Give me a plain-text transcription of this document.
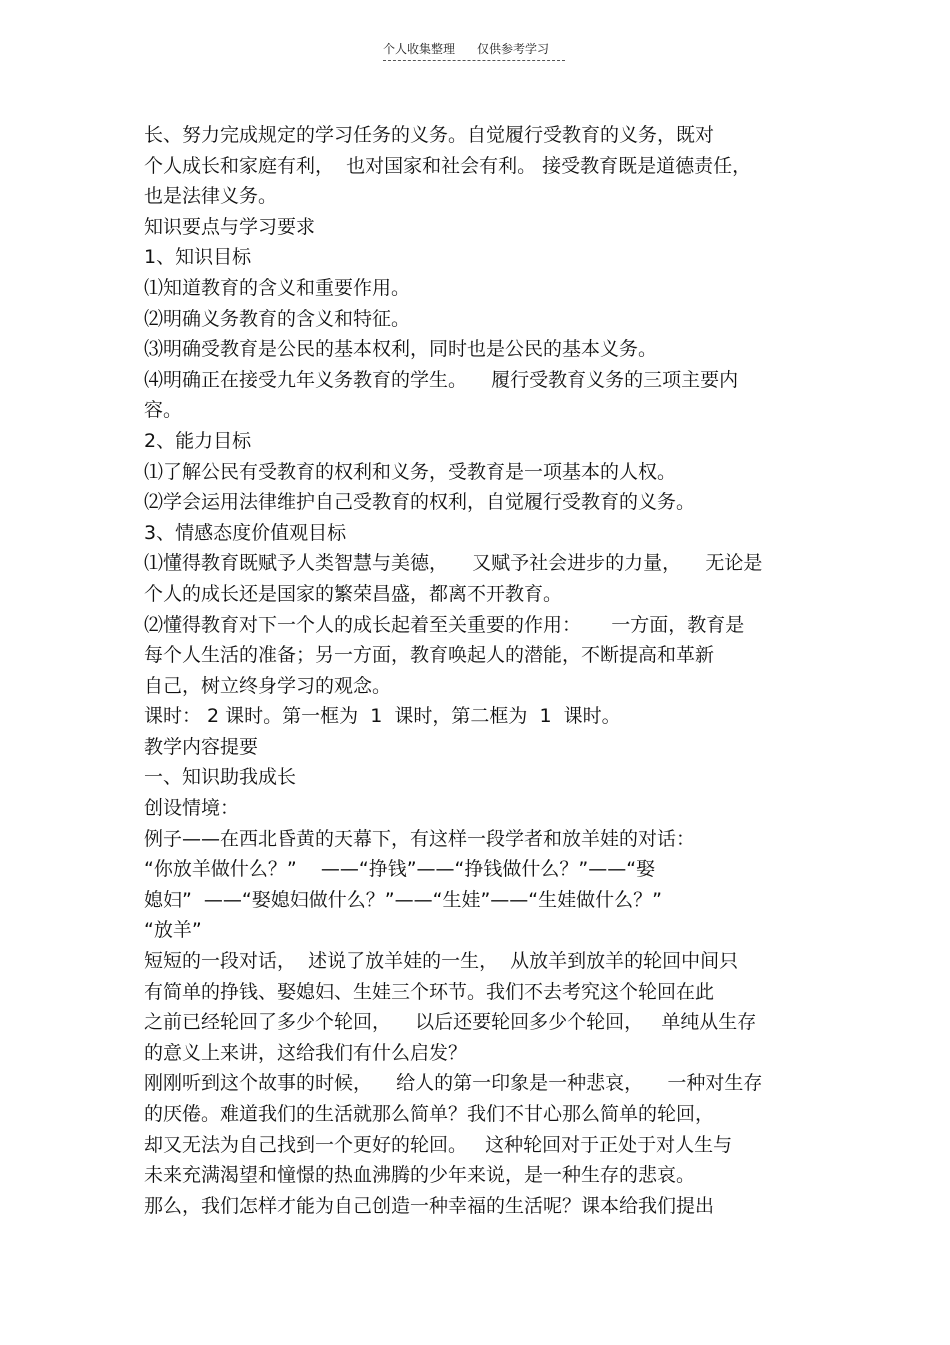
个人收集整理 仅供参考学习
长、努力完成规定的学习任务的义务。自觉履行受教育的义务，既对
个人成长和家庭有利，  也对国家和社会有利。 接受教育既是道德责任，
也是法律义务。
知识要点与学习要求
1、知识目标
⑴知道教育的含义和重要作用。
⑵明确义务教育的含义和特征。
⑶明确受教育是公民的基本权利，同时也是公民的基本义务。
⑷明确正在接受九年义务教育的学生。    履行受教育义务的三项主要内
容。
2、能力目标
⑴了解公民有受教育的权利和义务，受教育是一项基本的人权。
⑵学会运用法律维护自己受教育的权利，自觉履行受教育的义务。
3、情感态度价值观目标
⑴懂得教育既赋予人类智慧与美德，    又赋予社会进步的力量，    无论是
个人的成长还是国家的繁荣昌盛，都离不开教育。
⑵懂得教育对下一个人的成长起着至关重要的作用：     一方面，教育是
每个人生活的准备；另一方面，教育唤起人的潜能，不断提高和革新
自己，树立终身学习的观念。
课时： 2 课时。第一框为  1  课时，第二框为  1  课时。
教学内容提要
一、知识助我成长
创设情境：
例子——在西北昏黄的天幕下，有这样一段学者和放羊娃的对话：
“你放羊做什么？”    ——“挣钱”——“挣钱做什么？”——“娶
媳妇”  ——“娶媳妇做什么？”——“生娃”——“生娃做什么？”
“放羊”
短短的一段对话，  述说了放羊娃的一生，  从放羊到放羊的轮回中间只
有简单的挣钱、娶媳妇、生娃三个环节。我们不去考究这个轮回在此
之前已经轮回了多少个轮回，    以后还要轮回多少个轮回，   单纯从生存
的意义上来讲，这给我们有什么启发？
刚刚听到这个故事的时候，    给人的第一印象是一种悲哀，    一种对生存
的厌倦。难道我们的生活就那么简单？我们不甘心那么简单的轮回，
却又无法为自己找到一个更好的轮回。   这种轮回对于正处于对人生与
未来充满渴望和憧憬的热血沸腾的少年来说，是一种生存的悲哀。
那么，我们怎样才能为自己创造一种幸福的生活呢？课本给我们提出
